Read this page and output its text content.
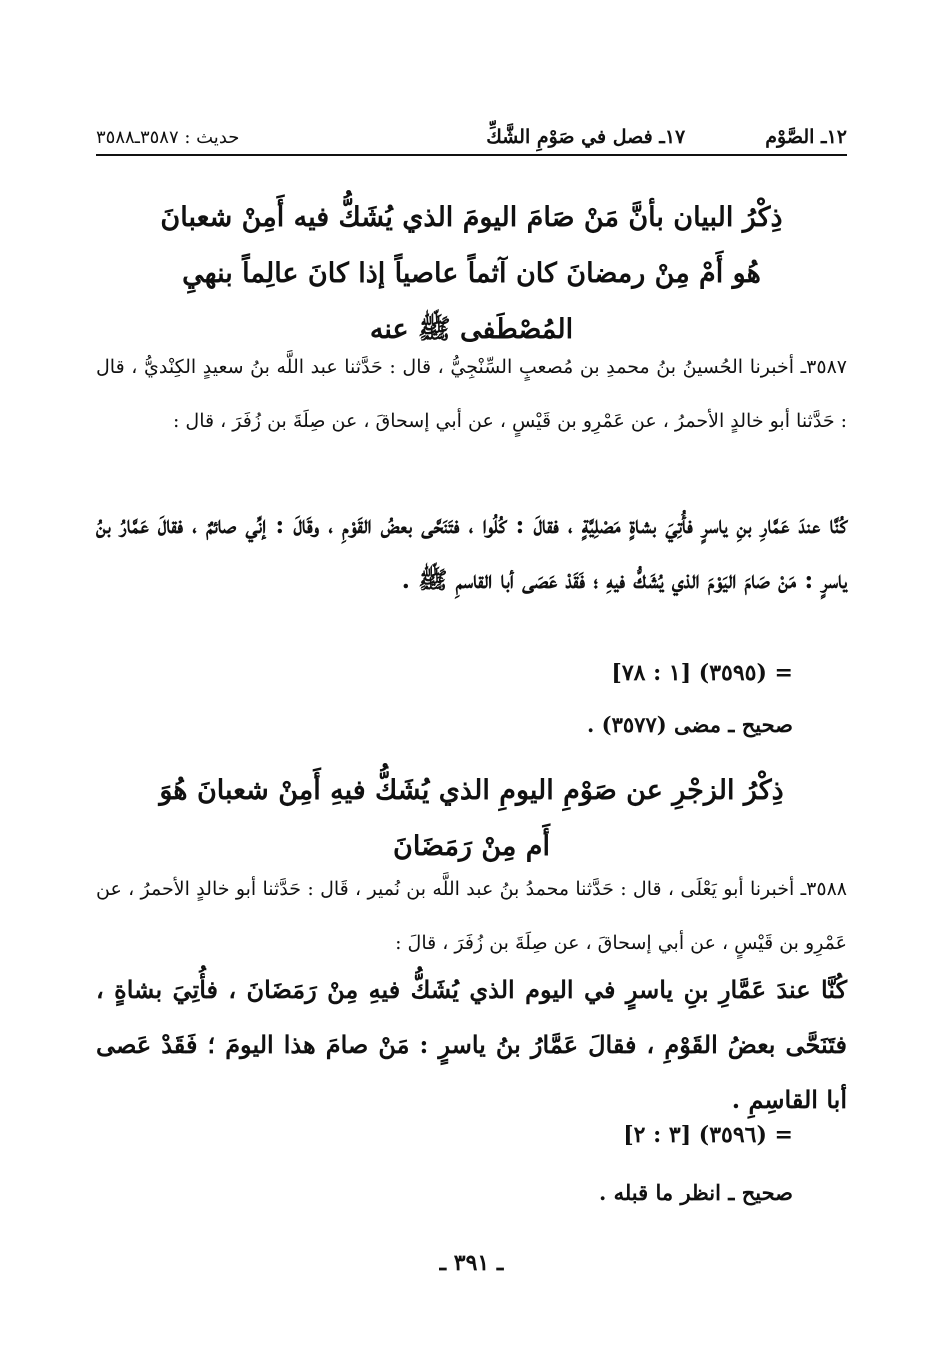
١٢ـ الصَّوْم
١٧ـ فصل في صَوْمِ الشَّكِّ
حديث : ٣٥٨٧ـ٣٥٨٨
ذِكْرُ البيان بأنَّ مَنْ صَامَ اليومَ الذي يُشَكُّ فيه أَمِنْ شعبانَ
هُو أَمْ مِنْ رمضانَ كان آثماً عاصياً إذا كانَ عالِماً بنهيِ
المُصْطَفى ﷺ عنه
٣٥٨٧ـ أخبرنا الحُسينُ بنُ محمدِ بن مُصعبٍ السِّنْجِيُّ ، قال : حَدَّثنا عبد اللَّه بنُ سعيدٍ الكِنْديُّ ، قال : حَدَّثنا أبو خالدٍ الأحمرُ ، عن عَمْرِو بن قَيْسٍ ، عن أبي إسحاقَ ، عن صِلَةَ بن زُفَرَ ، قال :
كُنَّا عندَ عَمَّارِ بنِ ياسرٍ فأُتِيَ بشاةٍ مَصْلِيَّةٍ ، فقالَ : كُلُوا ، فتَنَحَّى بعضُ القَوْمِ ، وقَالَ : إنِّي صائمٌ ، فقالَ عَمَّارُ بنُ ياسرٍ : مَنْ صَامَ اليَوْمَ الذي يُشَكُّ فيهِ ؛ فَقَدْ عَصَى أبا القاسمِ ﷺ .
= (٣٥٩٥) [١ : ٧٨]
صحيح ـ مضى (٣٥٧٧) .
ذِكْرُ الزجْرِ عن صَوْمِ اليومِ الذي يُشَكُّ فيهِ أَمِنْ شعبانَ هُوَ
أَم مِنْ رَمَضَانَ
٣٥٨٨ـ أخبرنا أبو يَعْلَى ، قال : حَدَّثنا محمدُ بنُ عبد اللَّه بن نُمير ، قَال : حَدَّثنا أبو خالدٍ الأحمرُ ، عن عَمْرِو بن قَيْسٍ ، عن أبي إسحاقَ ، عن صِلَةَ بن زُفَرَ ، قالَ :
كُنَّا عندَ عَمَّارِ بنِ ياسرٍ في اليوم الذي يُشَكُّ فيهِ مِنْ رَمَضَانَ ، فأُتِيَ بشاةٍ ، فتَنَحَّى بعضُ القَوْمِ ، فقالَ عَمَّارُ بنُ ياسرٍ : مَنْ صامَ هذا اليومَ ؛ فَقَدْ عَصى أبا القاسِمِ .
= (٣٥٩٦) [٣ : ٢]
صحيح ـ انظر ما قبله .
ـ ٣٩١ ـ
